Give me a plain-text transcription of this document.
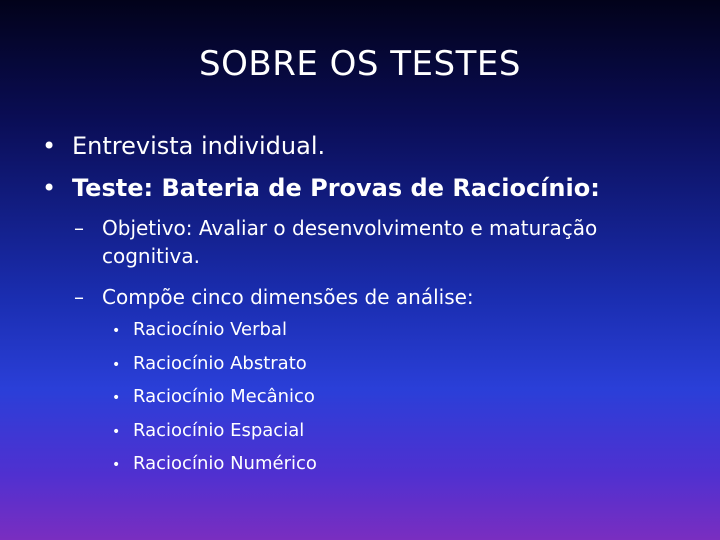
SOBRE OS TESTES
• Entrevista individual.
• Teste: Bateria de Provas de Raciocínio:
– Objetivo: Avaliar o desenvolvimento e maturação
cognitiva.
– Compõe cinco dimensões de análise:
• Raciocínio Verbal
• Raciocínio Abstrato
• Raciocínio Mecânico
• Raciocínio Espacial
• Raciocínio Numérico
